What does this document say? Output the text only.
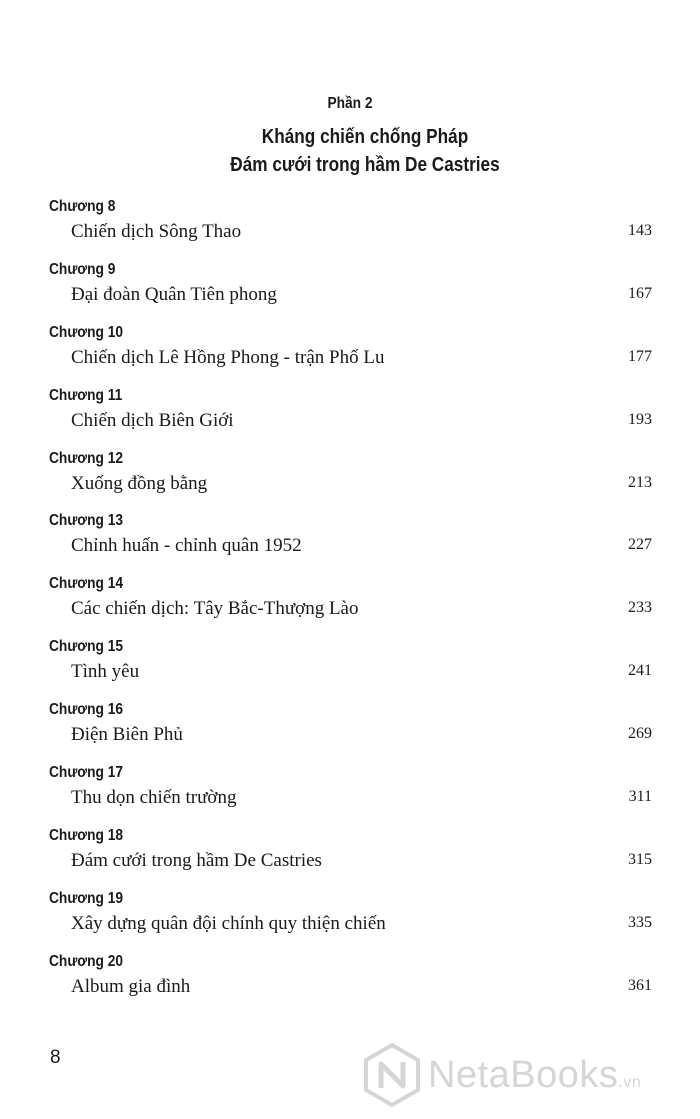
Phần 2
Kháng chiến chống Pháp
Đám cưới trong hầm De Castries
Chương 8
Chiến dịch Sông Thao	143
Chương 9
Đại đoàn Quân Tiên phong	167
Chương 10
Chiến dịch Lê Hồng Phong - trận Phố Lu	177
Chương 11
Chiến dịch Biên Giới	193
Chương 12
Xuống đồng bằng	213
Chương 13
Chỉnh huấn - chỉnh quân 1952	227
Chương 14
Các chiến dịch: Tây Bắc-Thượng Lào	233
Chương 15
Tình yêu	241
Chương 16
Điện Biên Phủ	269
Chương 17
Thu dọn chiến trường	311
Chương 18
Đám cưới trong hầm De Castries	315
Chương 19
Xây dựng quân đội chính quy thiện chiến	335
Chương 20
Album gia đình	361
8	NetaBooks.vn
